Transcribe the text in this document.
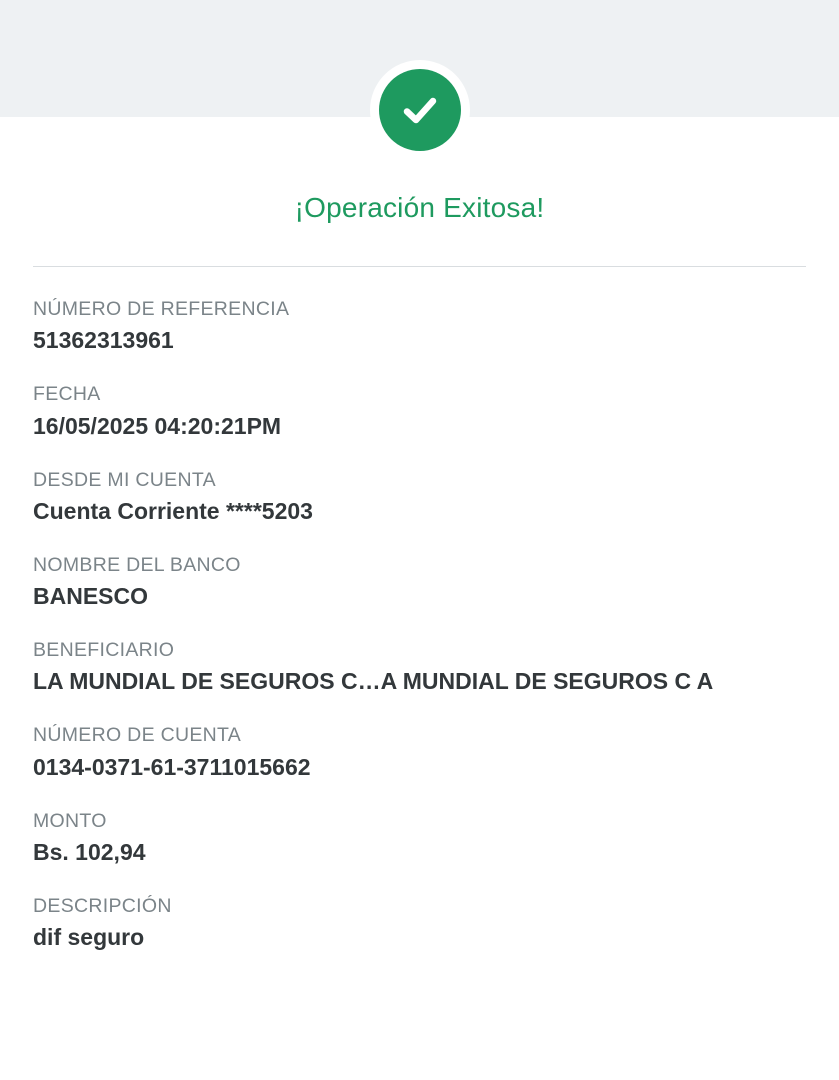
¡Operación Exitosa!
NÚMERO DE REFERENCIA
51362313961
FECHA
16/05/2025 04:20:21PM
DESDE MI CUENTA
Cuenta Corriente ****5203
NOMBRE DEL BANCO
BANESCO
BENEFICIARIO
LA MUNDIAL DE SEGUROS C…A MUNDIAL DE SEGUROS C A
NÚMERO DE CUENTA
0134-0371-61-3711015662
MONTO
Bs. 102,94
DESCRIPCIÓN
dif seguro
